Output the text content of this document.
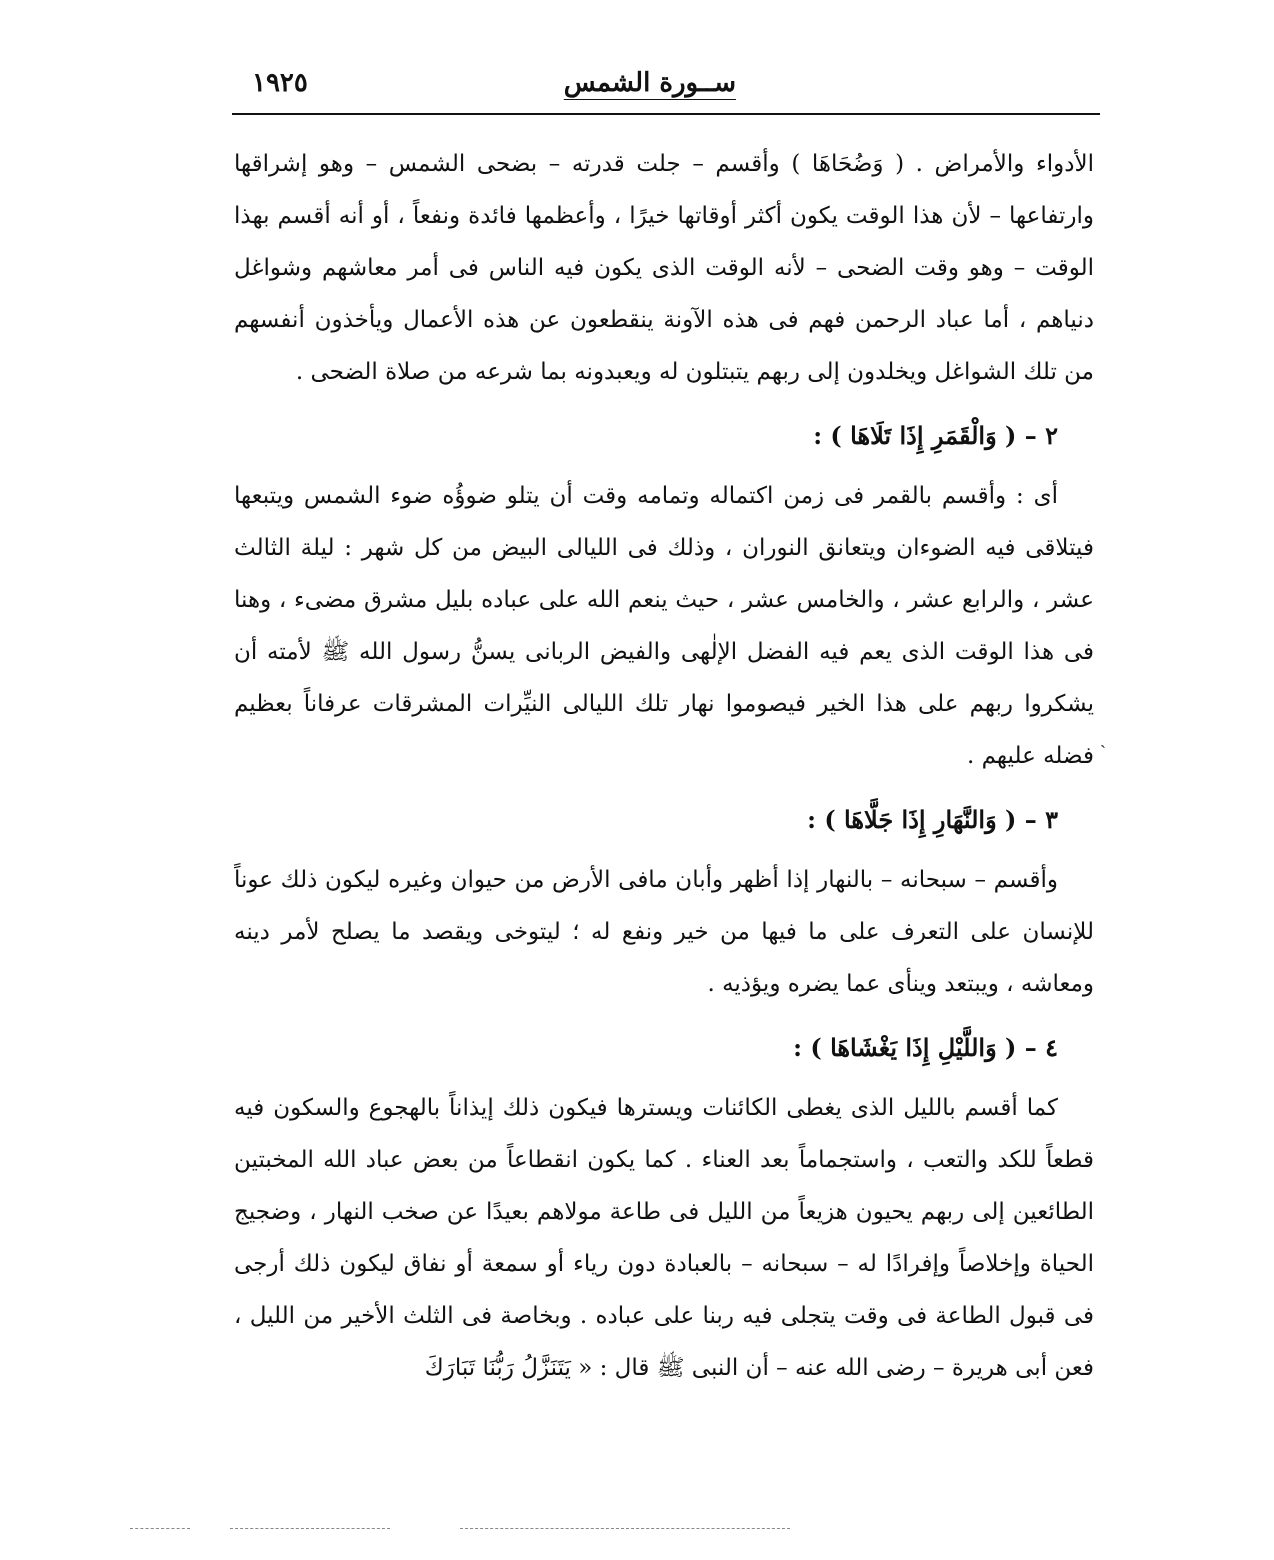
ســورة الشمس
١٩٢٥

الأدواء والأمراض . ( وَضُحَاهَا ) وأقسم – جلت قدرته – بضحى الشمس – وهو إشراقها وارتفاعها – لأن هذا الوقت يكون أكثر أوقاتها خيرًا ، وأعظمها فائدة ونفعاً ، أو أنه أقسم بهذا الوقت – وهو وقت الضحى – لأنه الوقت الذى يكون فيه الناس فى أمر معاشهم وشواغل دنياهم ، أما عباد الرحمن فهم فى هذه الآونة ينقطعون عن هذه الأعمال ويأخذون أنفسهم من تلك الشواغل ويخلدون إلى ربهم يتبتلون له ويعبدونه بما شرعه من صلاة الضحى .

٢ – ( وَالْقَمَرِ إِذَا تَلَاهَا ) :

أى : وأقسم بالقمر فى زمن اكتماله وتمامه وقت أن يتلو ضوؤُه ضوء الشمس ويتبعها فيتلاقى فيه الضوءان ويتعانق النوران ، وذلك فى الليالى البيض من كل شهر : ليلة الثالث عشر ، والرابع عشر ، والخامس عشر ، حيث ينعم الله على عباده بليل مشرق مضىء ، وهنا فى هذا الوقت الذى يعم فيه الفضل الإلٰهى والفيض الربانى يسنُّ رسول الله ﷺ لأمته أن يشكروا ربهم على هذا الخير فيصوموا نهار تلك الليالى النيِّرات المشرقات عرفاناً بعظيم فضله عليهم .

٣ – ( وَالنَّهَارِ إِذَا جَلَّاهَا ) :

وأقسم – سبحانه – بالنهار إذا أظهر وأبان مافى الأرض من حيوان وغيره ليكون ذلك عوناً للإنسان على التعرف على ما فيها من خير ونفع له ؛ ليتوخى ويقصد ما يصلح لأمر دينه ومعاشه ، ويبتعد وينأى عما يضره ويؤذيه .

٤ – ( وَاللَّيْلِ إِذَا يَغْشَاهَا ) :

كما أقسم بالليل الذى يغطى الكائنات ويسترها فيكون ذلك إيذاناً بالهجوع والسكون فيه قطعاً للكد والتعب ، واستجماماً بعد العناء . كما يكون انقطاعاً من بعض عباد الله المخبتين الطائعين إلى ربهم يحيون هزيعاً من الليل فى طاعة مولاهم بعيدًا عن صخب النهار ، وضجيج الحياة وإخلاصاً وإفرادًا له – سبحانه – بالعبادة دون رياء أو سمعة أو نفاق ليكون ذلك أرجى فى قبول الطاعة فى وقت يتجلى فيه ربنا على عباده . وبخاصة فى الثلث الأخير من الليل ، فعن أبى هريرة – رضى الله عنه – أن النبى ﷺ قال : « يَتَنَزَّلُ رَبُّنَا تَبَارَكَ

ˏ
